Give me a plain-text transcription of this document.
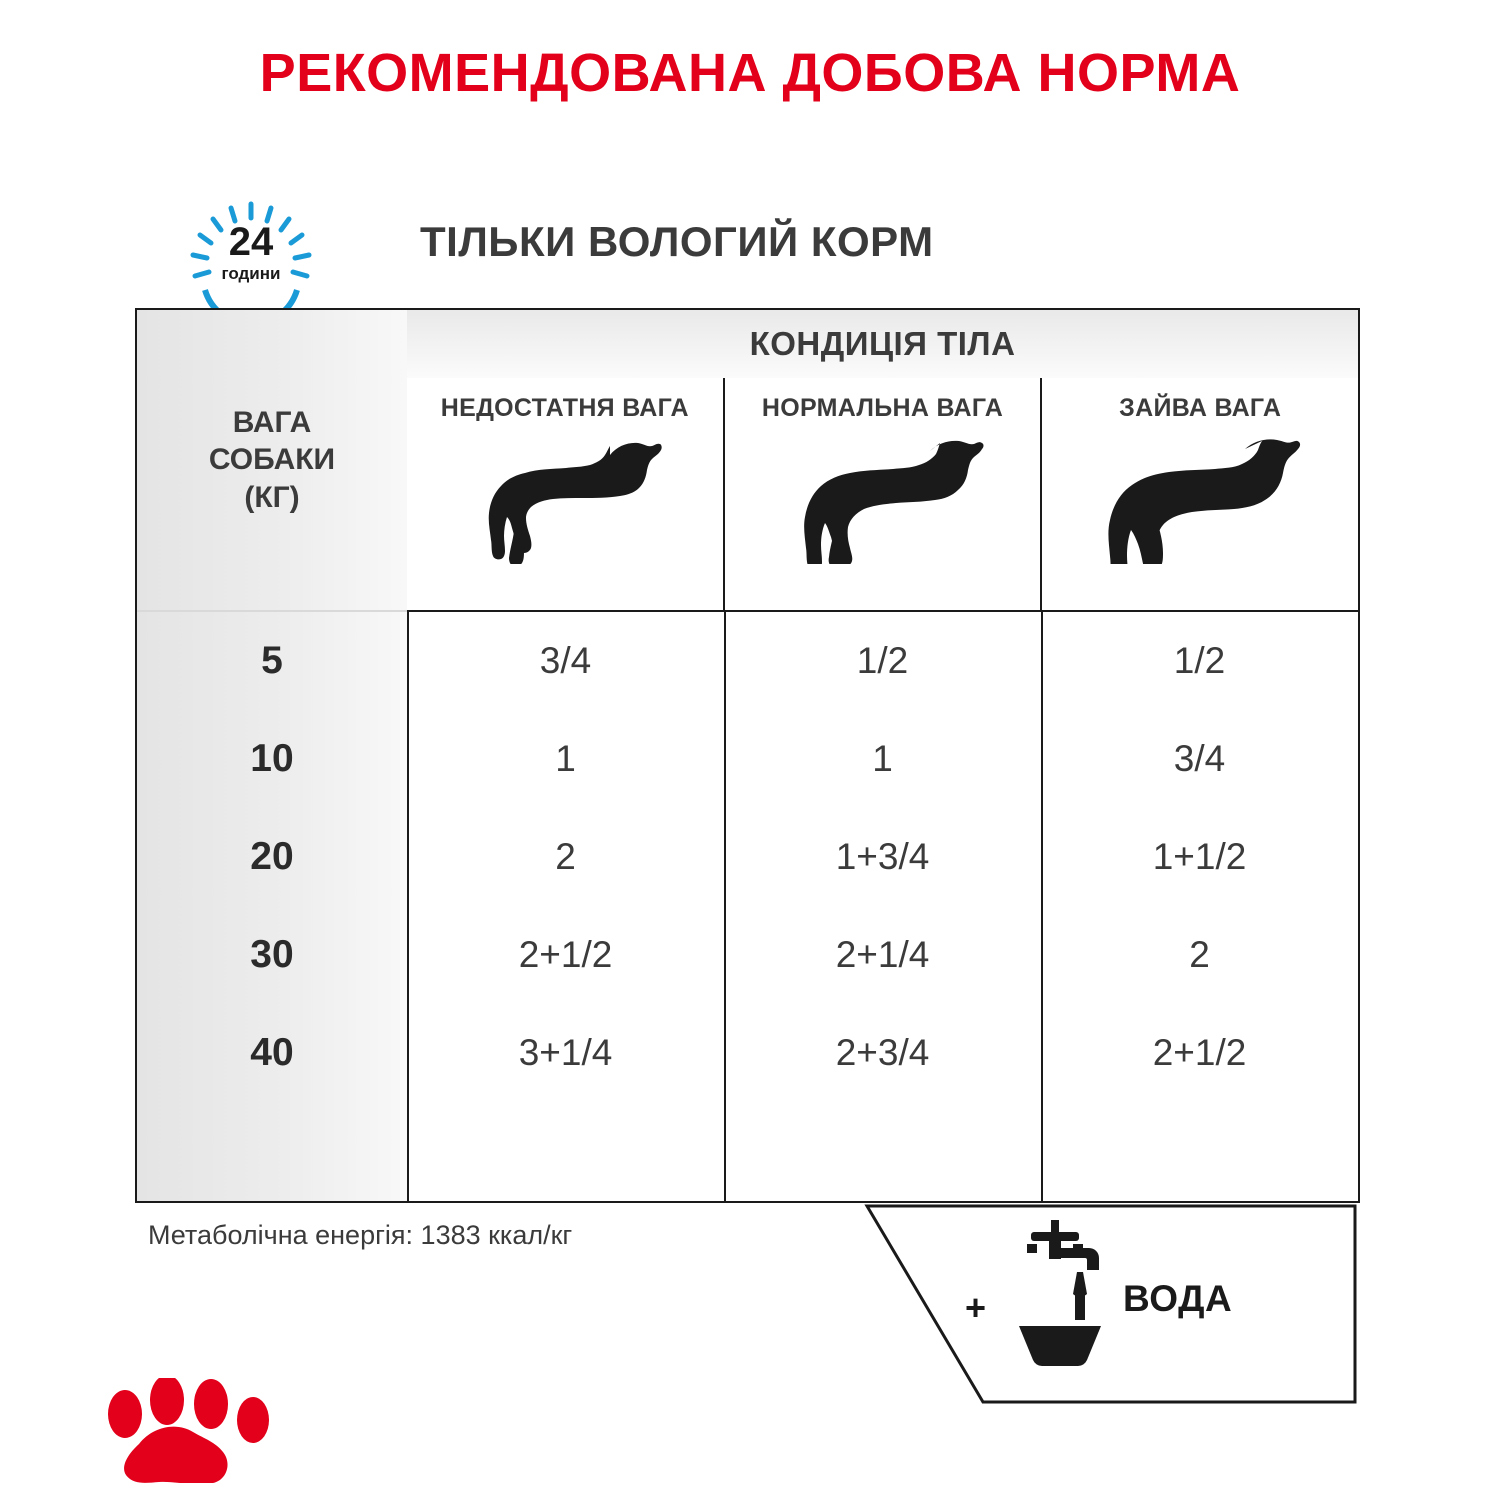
РЕКОМЕНДОВАНА ДОБОВА НОРМА
24
години
ТІЛЬКИ ВОЛОГИЙ КОРМ
КОНДИЦІЯ ТІЛА
ВАГА
СОБАКИ
(КГ)
НЕДОСТАТНЯ ВАГА	НОРМАЛЬНА ВАГА	ЗАЙВА ВАГА
5	3/4	1/2	1/2
10	1	1	3/4
20	2	1+3/4	1+1/2
30	2+1/2	2+1/4	2
40	3+1/4	2+3/4	2+1/2
Метаболічна енергія: 1383 ккал/кг
+	ВОДА
